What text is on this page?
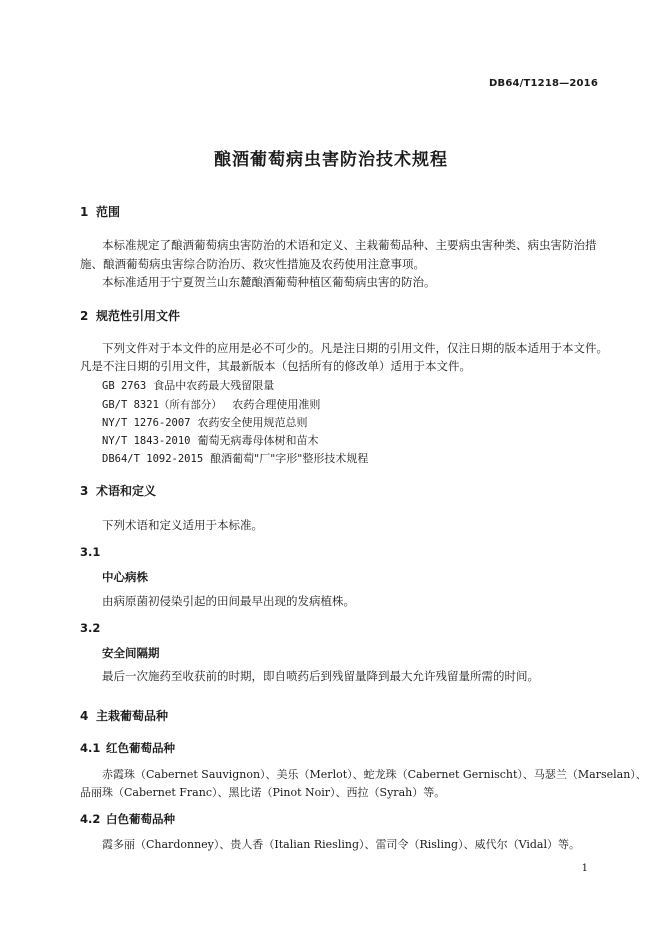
DB64/T1218—2016
酿酒葡萄病虫害防治技术规程
1 范围
本标准规定了酿酒葡萄病虫害防治的术语和定义、主栽葡萄品种、主要病虫害种类、病虫害防治措
施、酿酒葡萄病虫害综合防治历、救灾性措施及农药使用注意事项。
本标准适用于宁夏贺兰山东麓酿酒葡萄种植区葡萄病虫害的防治。
2 规范性引用文件
下列文件对于本文件的应用是必不可少的。凡是注日期的引用文件，仅注日期的版本适用于本文件。
凡是不注日期的引用文件，其最新版本（包括所有的修改单）适用于本文件。
GB 2763 食品中农药最大残留限量
GB/T 8321（所有部分） 农药合理使用准则
NY/T 1276-2007 农药安全使用规范总则
NY/T 1843-2010 葡萄无病毒母体树和苗木
DB64/T 1092-2015 酿酒葡萄"厂"字形"整形技术规程
3 术语和定义
下列术语和定义适用于本标准。
3.1
中心病株
由病原菌初侵染引起的田间最早出现的发病植株。
3.2
安全间隔期
最后一次施药至收获前的时期，即自喷药后到残留量降到最大允许残留量所需的时间。
4 主栽葡萄品种
4.1 红色葡萄品种
赤霞珠（Cabernet Sauvignon）、美乐（Merlot）、蛇龙珠（Cabernet Gernischt）、马瑟兰（Marselan）、
品丽珠（Cabernet Franc）、黑比诺（Pinot Noir）、西拉（Syrah）等。
4.2 白色葡萄品种
霞多丽（Chardonney）、贵人香（Italian Riesling）、雷司令（Risling）、威代尔（Vidal）等。
1
